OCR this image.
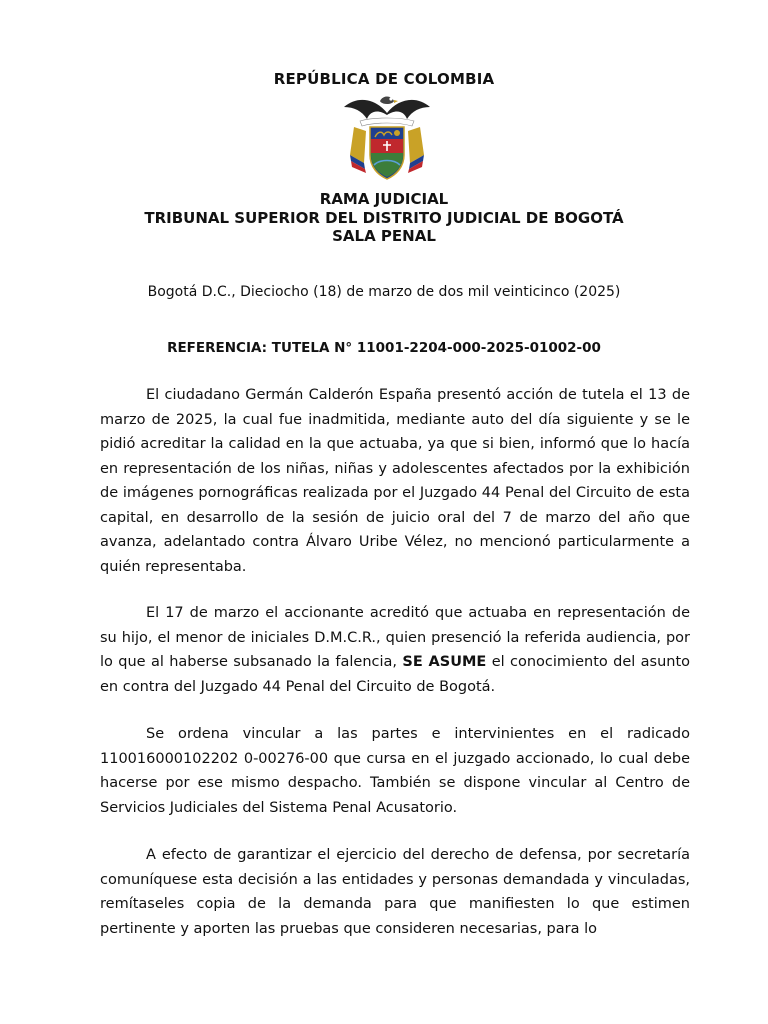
REPÚBLICA DE COLOMBIA
RAMA JUDICIAL
TRIBUNAL SUPERIOR DEL DISTRITO JUDICIAL DE BOGOTÁ
SALA PENAL
Bogotá D.C., Dieciocho (18) de marzo de dos mil veinticinco (2025)
REFERENCIA: TUTELA N° 11001-2204-000-2025-01002-00

El ciudadano Germán Calderón España presentó acción de tutela el 13 de marzo de 2025, la cual fue inadmitida, mediante auto del día siguiente y se le pidió acreditar la calidad en la que actuaba, ya que si bien, informó que lo hacía en representación de los niñas, niñas y adolescentes afectados por la exhibición de imágenes pornográficas realizada por el Juzgado 44 Penal del Circuito de esta capital, en desarrollo de la sesión de juicio oral del 7 de marzo del año que avanza, adelantado contra Álvaro Uribe Vélez, no mencionó particularmente a quién representaba.

El 17 de marzo el accionante acreditó que actuaba en representación de su hijo, el menor de iniciales D.M.C.R., quien presenció la referida audiencia, por lo que al haberse subsanado la falencia, SE ASUME el conocimiento del asunto en contra del Juzgado 44 Penal del Circuito de Bogotá.

Se ordena vincular a las partes e intervinientes en el radicado 110016000102202 0-00276-00 que cursa en el juzgado accionado, lo cual debe hacerse por ese mismo despacho. También se dispone vincular al Centro de Servicios Judiciales del Sistema Penal Acusatorio.

A efecto de garantizar el ejercicio del derecho de defensa, por secretaría comuníquese esta decisión a las entidades y personas demandada y vinculadas, remítaseles copia de la demanda para que manifiesten lo que estimen pertinente y aporten las pruebas que consideren necesarias, para lo
